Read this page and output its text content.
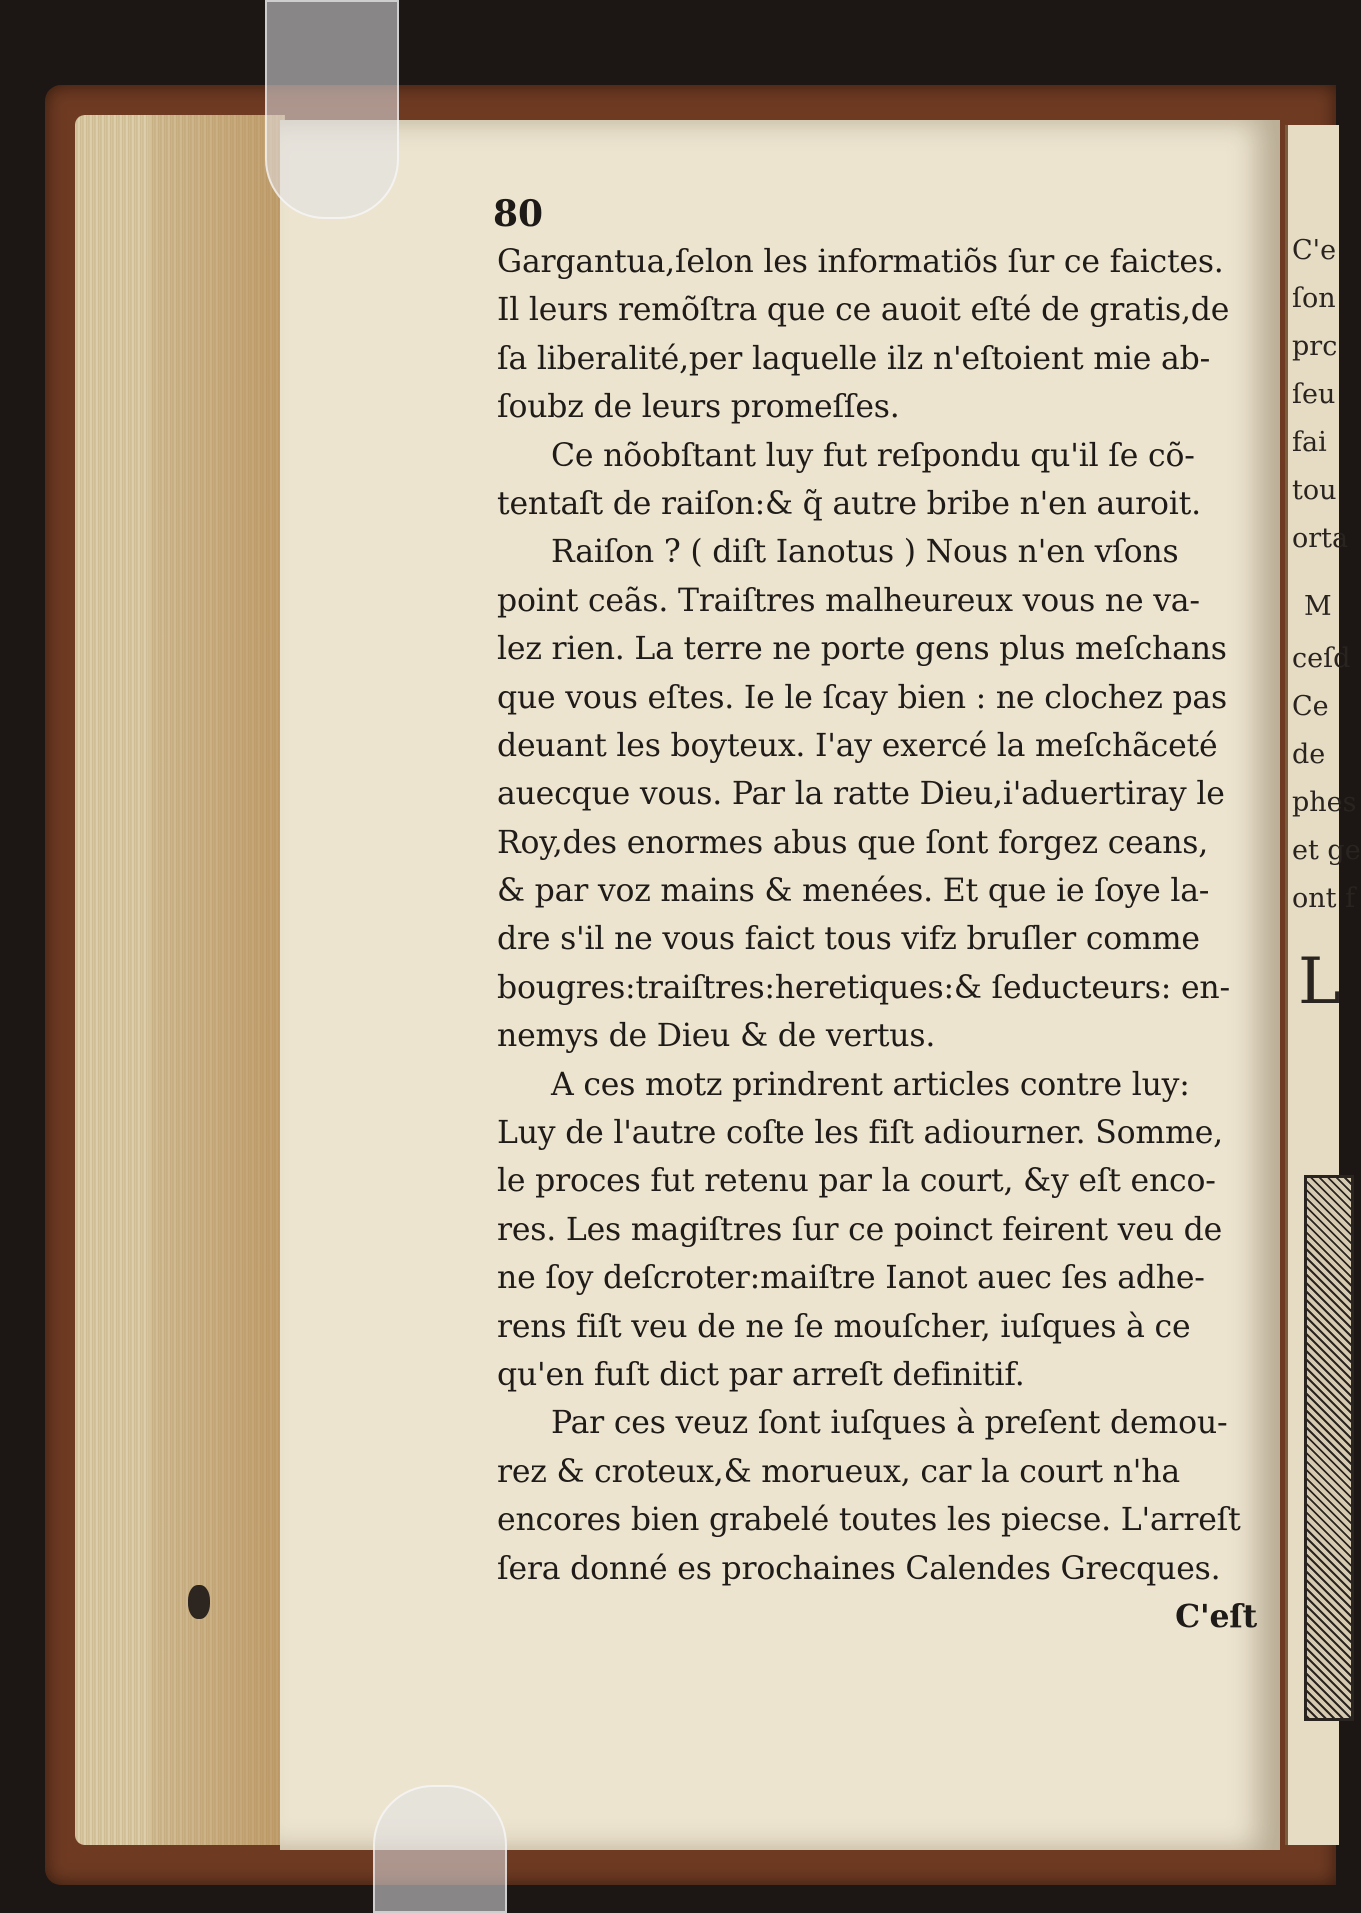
C'e
ſon
prc
ſeu
fai
tou
orta
M
ceſd
Ce
de
phes
et ge
ont f
L
80
Gargantua,ſelon les informatiõs ſur ce faictes.
Il leurs remõſtra que ce auoit eſté de gratis,de
ſa liberalité,per laquelle ilz n'eſtoient mie ab-
ſoubz de leurs promeſſes.
Ce nõobſtant luy fut reſpondu qu'il ſe cõ-
tentaſt de raiſon:& q̃ autre bribe n'en auroit.
Raiſon ? ( diſt Ianotus ) Nous n'en vſons
point ceãs. Traiſtres malheureux vous ne va-
lez rien. La terre ne porte gens plus meſchans
que vous eſtes. Ie le ſcay bien : ne clochez pas
deuant les boyteux. I'ay exercé la meſchãceté
auecque vous. Par la ratte Dieu,i'aduertiray le
Roy,des enormes abus que ſont forgez ceans,
& par voz mains & menées. Et que ie ſoye la-
dre s'il ne vous faict tous vifz bruſler comme
bougres:traiſtres:heretiques:& ſeducteurs: en-
nemys de Dieu & de vertus.
A ces motz prindrent articles contre luy:
Luy de l'autre coſte les fiſt adiourner. Somme,
le proces fut retenu par la court, &y eſt enco-
res. Les magiſtres ſur ce poinct feirent veu de
ne ſoy deſcroter:maiſtre Ianot auec ſes adhe-
rens fiſt veu de ne ſe mouſcher, iuſques à ce
qu'en fuſt dict par arreſt definitif.
Par ces veuz ſont iuſques à preſent demou-
rez & croteux,& morueux, car la court n'ha
encores bien grabelé toutes les piecse. L'arreſt
ſera donné es prochaines Calendes Grecques.
C'eſt
